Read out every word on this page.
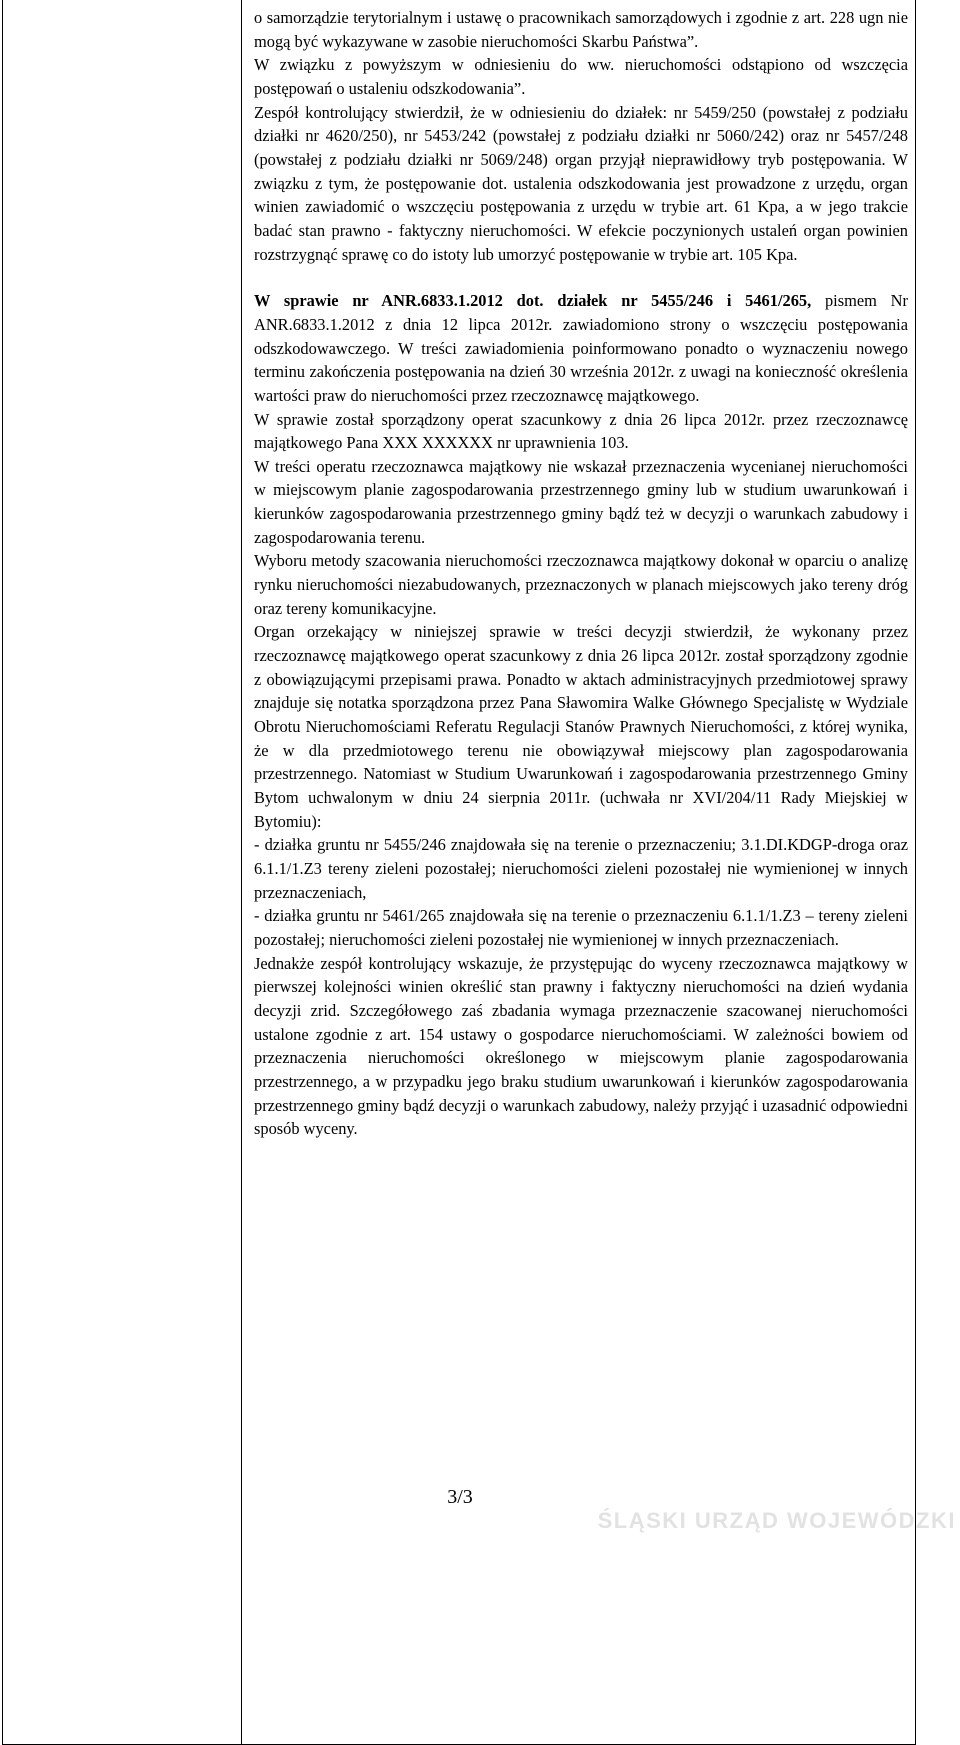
o samorządzie terytorialnym i ustawę o pracownikach samorządowych i zgodnie z art. 228 ugn nie mogą być wykazywane w zasobie nieruchomości Skarbu Państwa”.

W związku z powyższym w odniesieniu do ww. nieruchomości odstąpiono od wszczęcia postępowań o ustaleniu odszkodowania”.

Zespół kontrolujący stwierdził, że w odniesieniu do działek: nr 5459/250 (powstałej z podziału działki nr 4620/250), nr 5453/242 (powstałej z podziału działki nr 5060/242) oraz nr 5457/248 (powstałej z podziału działki nr 5069/248) organ przyjął nieprawidłowy tryb postępowania. W związku z tym, że postępowanie dot. ustalenia odszkodowania jest prowadzone z urzędu, organ winien zawiadomić o wszczęciu postępowania z urzędu w trybie art. 61 Kpa, a w jego trakcie badać stan prawno - faktyczny nieruchomości. W efekcie poczynionych ustaleń organ powinien rozstrzygnąć sprawę co do istoty lub umorzyć postępowanie w trybie art. 105 Kpa.

W sprawie nr ANR.6833.1.2012 dot. działek nr 5455/246 i 5461/265, pismem Nr ANR.6833.1.2012 z dnia 12 lipca 2012r. zawiadomiono strony o wszczęciu postępowania odszkodowawczego. W treści zawiadomienia poinformowano ponadto o wyznaczeniu nowego terminu zakończenia postępowania na dzień 30 września 2012r. z uwagi na konieczność określenia wartości praw do nieruchomości przez rzeczoznawcę majątkowego.

W sprawie został sporządzony operat szacunkowy z dnia 26 lipca 2012r. przez rzeczoznawcę majątkowego Pana XXX XXXXXX nr uprawnienia 103.

W treści operatu rzeczoznawca majątkowy nie wskazał przeznaczenia wycenianej nieruchomości w miejscowym planie zagospodarowania przestrzennego gminy lub w studium uwarunkowań i kierunków zagospodarowania przestrzennego gminy bądź też w decyzji o warunkach zabudowy i zagospodarowania terenu.

Wyboru metody szacowania nieruchomości rzeczoznawca majątkowy dokonał w oparciu o analizę rynku nieruchomości niezabudowanych, przeznaczonych w planach miejscowych jako tereny dróg oraz tereny komunikacyjne.

Organ orzekający w niniejszej sprawie w treści decyzji stwierdził, że wykonany przez rzeczoznawcę majątkowego operat szacunkowy z dnia 26 lipca 2012r. został sporządzony zgodnie z obowiązującymi przepisami prawa. Ponadto w aktach administracyjnych przedmiotowej sprawy znajduje się notatka sporządzona przez Pana Sławomira Walke Głównego Specjalistę w Wydziale Obrotu Nieruchomościami Referatu Regulacji Stanów Prawnych Nieruchomości, z której wynika, że w dla przedmiotowego terenu nie obowiązywał miejscowy plan zagospodarowania przestrzennego. Natomiast w Studium Uwarunkowań i zagospodarowania przestrzennego Gminy Bytom uchwalonym w dniu 24 sierpnia 2011r. (uchwała nr XVI/204/11 Rady Miejskiej w Bytomiu):

- działka gruntu nr 5455/246 znajdowała się na terenie o przeznaczeniu; 3.1.DI.KDGP-droga oraz 6.1.1/1.Z3 tereny zieleni pozostałej; nieruchomości zieleni pozostałej nie wymienionej w innych przeznaczeniach,

- działka gruntu nr 5461/265 znajdowała się na terenie o przeznaczeniu 6.1.1/1.Z3 – tereny zieleni pozostałej; nieruchomości zieleni pozostałej nie wymienionej w innych przeznaczeniach.

Jednakże zespół kontrolujący wskazuje, że przystępując do wyceny rzeczoznawca majątkowy w pierwszej kolejności winien określić stan prawny i faktyczny nieruchomości na dzień wydania decyzji zrid. Szczegółowego zaś zbadania wymaga przeznaczenie szacowanej nieruchomości ustalone zgodnie z art. 154 ustawy o gospodarce nieruchomościami. W zależności bowiem od przeznaczenia nieruchomości określonego w miejscowym planie zagospodarowania przestrzennego, a w przypadku jego braku studium uwarunkowań i kierunków zagospodarowania przestrzennego gminy bądź decyzji o warunkach zabudowy, należy przyjąć i uzasadnić odpowiedni sposób wyceny.

3/3
ŚLĄSKI URZĄD WOJEWÓDZKI
